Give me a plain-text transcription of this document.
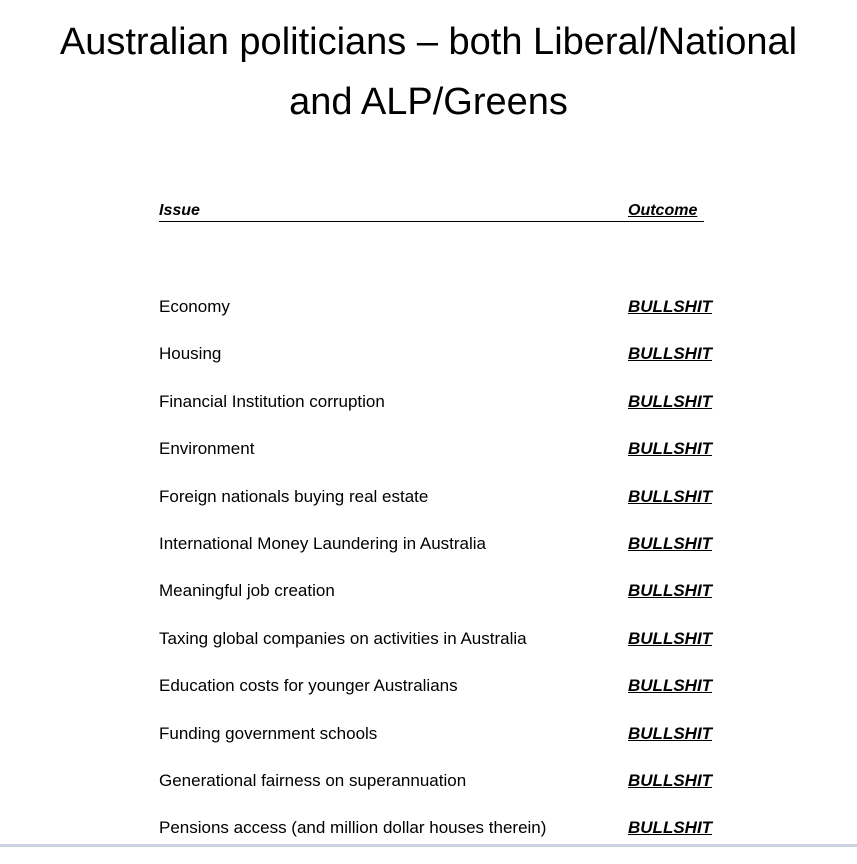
Australian politicians – both Liberal/National
and ALP/Greens
Issue	Outcome
Economy	BULLSHIT
Housing	BULLSHIT
Financial Institution corruption	BULLSHIT
Environment	BULLSHIT
Foreign nationals buying real estate	BULLSHIT
International Money Laundering in Australia	BULLSHIT
Meaningful job creation	BULLSHIT
Taxing global companies on activities in Australia	BULLSHIT
Education costs for younger Australians	BULLSHIT
Funding government schools	BULLSHIT
Generational fairness on superannuation	BULLSHIT
Pensions access (and million dollar houses therein)	BULLSHIT
